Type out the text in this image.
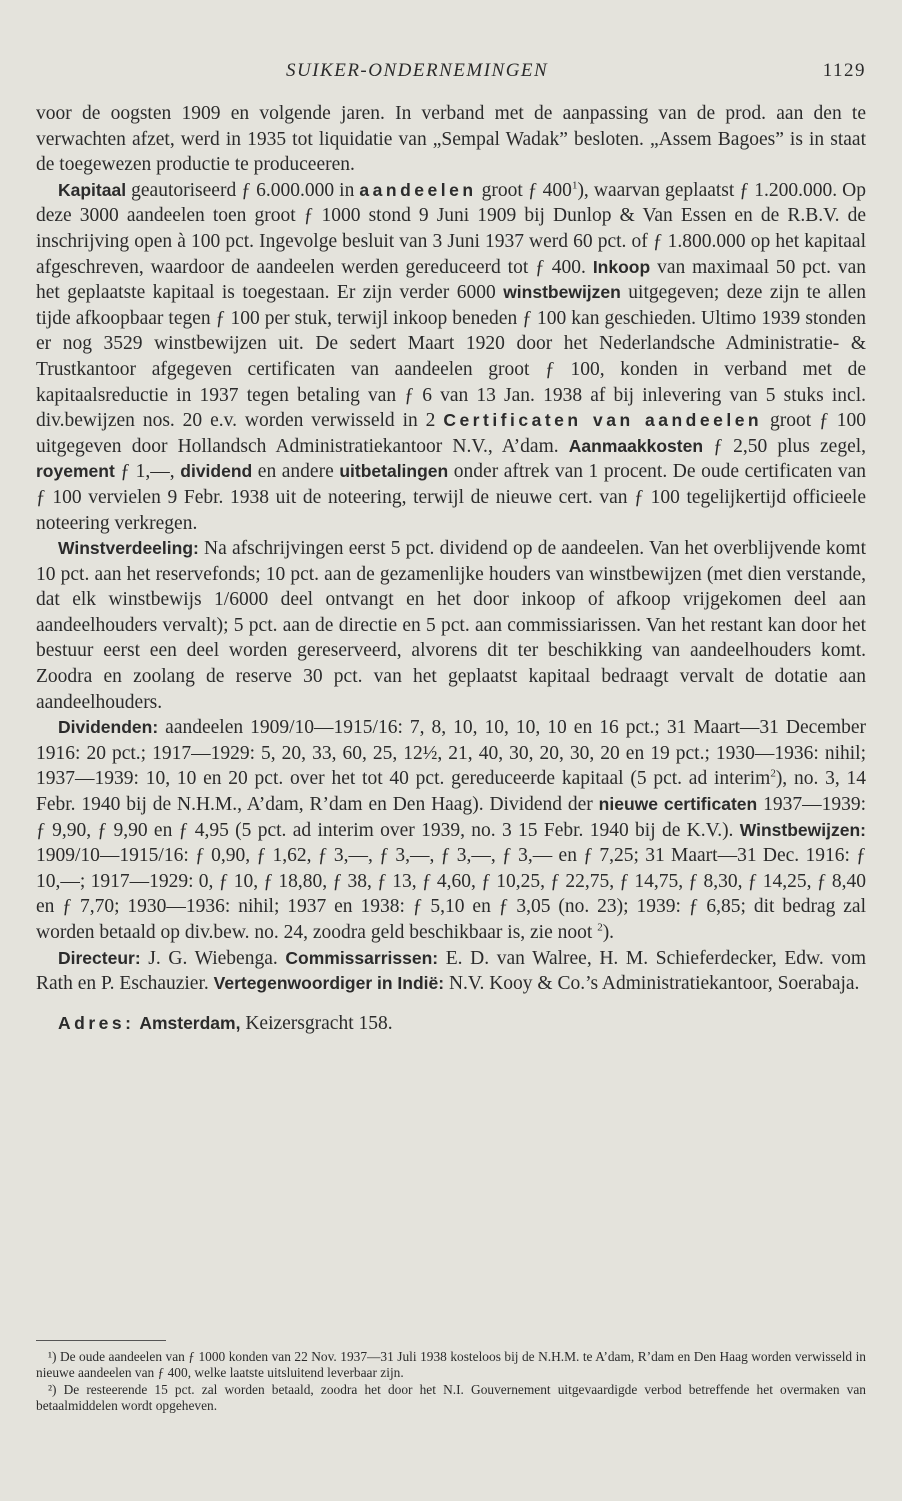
SUIKER-ONDERNEMINGEN	1129

voor de oogsten 1909 en volgende jaren. In verband met de aanpassing van de prod. aan den te verwachten afzet, werd in 1935 tot liquidatie van „Sempal Wadak” besloten. „Assem Bagoes” is in staat de toegewezen productie te produceeren.

Kapitaal geautoriseerd ƒ 6.000.000 in aandeelen groot ƒ $400^1$), waarvan geplaatst ƒ 1.200.000. Op deze 3000 aandeelen toen groot ƒ 1000 stond 9 Juni 1909 bij Dunlop & Van Essen en de R.B.V. de inschrijving open à 100 pct. Ingevolge besluit van 3 Juni 1937 werd 60 pct. of ƒ 1.800.000 op het kapitaal afgeschreven, waardoor de aandeelen werden gereduceerd tot ƒ 400. Inkoop van maximaal 50 pct. van het geplaatste kapitaal is toegestaan. Er zijn verder 6000 winstbewijzen uitgegeven; deze zijn te allen tijde afkoopbaar tegen ƒ 100 per stuk, terwijl inkoop beneden ƒ 100 kan geschieden. Ultimo 1939 stonden er nog 3529 winstbewijzen uit. De sedert Maart 1920 door het Nederlandsche Administratie- & Trustkantoor afgegeven certificaten van aandeelen groot ƒ 100, konden in verband met de kapitaalsreductie in 1937 tegen betaling van ƒ 6 van 13 Jan. 1938 af bij inlevering van 5 stuks incl. div.bewijzen nos. 20 e.v. worden verwisseld in 2 Certificaten van aandeelen groot ƒ 100 uitgegeven door Hollandsch Administratiekantoor N.V., A’dam. Aanmaakkosten ƒ 2,50 plus zegel, royement ƒ 1,—, dividend en andere uitbetalingen onder aftrek van 1 procent. De oude certificaten van ƒ 100 vervielen 9 Febr. 1938 uit de noteering, terwijl de nieuwe cert. van ƒ 100 tegelijkertijd officieele noteering verkregen.

Winstverdeeling: Na afschrijvingen eerst 5 pct. dividend op de aandeelen. Van het overblijvende komt 10 pct. aan het reservefonds; 10 pct. aan de gezamenlijke houders van winstbewijzen (met dien verstande, dat elk winstbewijs 1/6000 deel ontvangt en het door inkoop of afkoop vrijgekomen deel aan aandeelhouders vervalt); 5 pct. aan de directie en 5 pct. aan commissiarissen. Van het restant kan door het bestuur eerst een deel worden gereserveerd, alvorens dit ter beschikking van aandeelhouders komt. Zoodra en zoolang de reserve 30 pct. van het geplaatst kapitaal bedraagt vervalt de dotatie aan aandeelhouders.

Dividenden: aandeelen 1909/10—1915/16: 7, 8, 10, 10, 10, 10 en 16 pct.; 31 Maart—31 December 1916: 20 pct.; 1917—1929: 5, 20, 33, 60, 25, 12½, 21, 40, 30, 20, 30, 20 en 19 pct.; 1930—1936: nihil; 1937—1939: 10, 10 en 20 pct. over het tot 40 pct. gereduceerde kapitaal (5 pct. ad interim$^2$), no. 3, 14 Febr. 1940 bij de N.H.M., A’dam, R’dam en Den Haag). Dividend der nieuwe certificaten 1937—1939: ƒ 9,90, ƒ 9,90 en ƒ 4,95 (5 pct. ad interim over 1939, no. 3 15 Febr. 1940 bij de K.V.). Winstbewijzen: 1909/10—1915/16: ƒ 0,90, ƒ 1,62, ƒ 3,—, ƒ 3,—, ƒ 3,—, ƒ 3,— en ƒ 7,25; 31 Maart—31 Dec. 1916: ƒ 10,—; 1917—1929: 0, ƒ 10, ƒ 18,80, ƒ 38, ƒ 13, ƒ 4,60, ƒ 10,25, ƒ 22,75, ƒ 14,75, ƒ 8,30, ƒ 14,25, ƒ 8,40 en ƒ 7,70; 1930—1936: nihil; 1937 en 1938: ƒ 5,10 en ƒ 3,05 (no. 23); 1939: ƒ 6,85; dit bedrag zal worden betaald op div.bew. no. 24, zoodra geld beschikbaar is, zie noot $^2$).

Directeur: J. G. Wiebenga. Commissarrissen: E. D. van Walree, H. M. Schieferdecker, Edw. vom Rath en P. Eschauzier. Vertegenwoordiger in Indië: N.V. Kooy & Co.’s Administratiekantoor, Soerabaja.

Adres: Amsterdam, Keizersgracht 158.

¹) De oude aandeelen van ƒ 1000 konden van 22 Nov. 1937—31 Juli 1938 kosteloos bij de N.H.M. te A’dam, R’dam en Den Haag worden verwisseld in nieuwe aandeelen van ƒ 400, welke laatste uitsluitend leverbaar zijn.

²) De resteerende 15 pct. zal worden betaald, zoodra het door het N.I. Gouvernement uitgevaardigde verbod betreffende het overmaken van betaalmiddelen wordt opgeheven.
